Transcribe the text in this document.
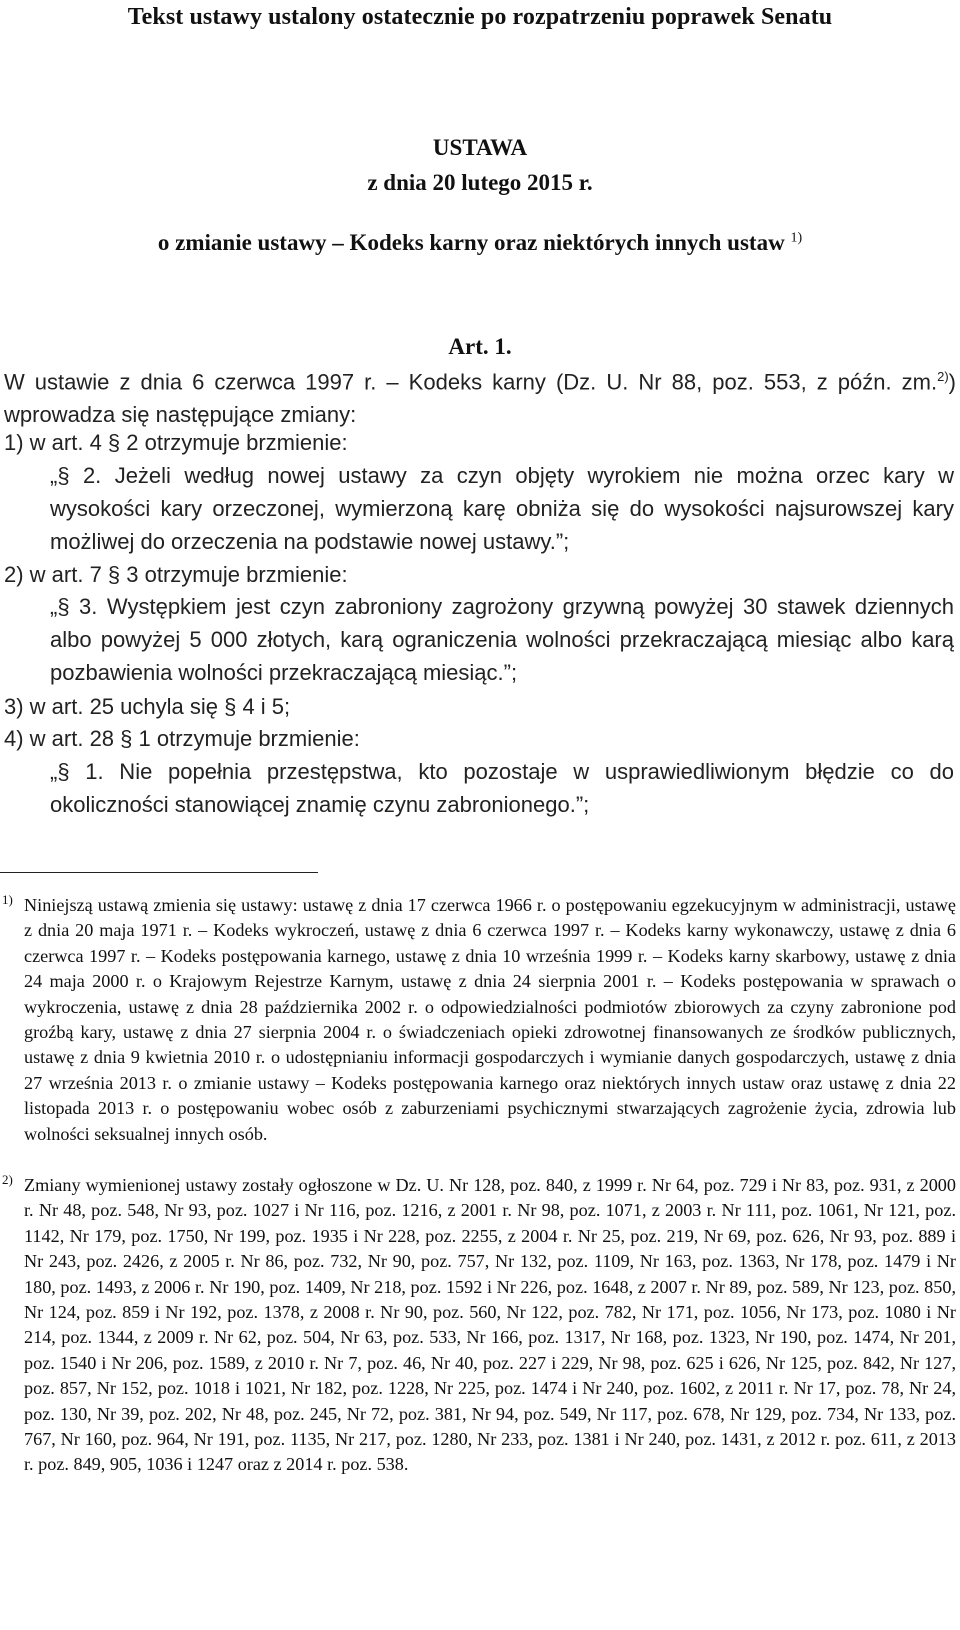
Tekst ustawy ustalony ostatecznie po rozpatrzeniu poprawek Senatu
USTAWA
z dnia 20 lutego 2015 r.
o zmianie ustawy – Kodeks karny oraz niektórych innych ustaw $^{1)}$
Art. 1.
W ustawie z dnia 6 czerwca 1997 r. – Kodeks karny (Dz. U. Nr 88, poz. 553, z późn. zm.$^{2)}$) wprowadza się następujące zmiany:
1) w art. 4 § 2 otrzymuje brzmienie:
„§ 2. Jeżeli według nowej ustawy za czyn objęty wyrokiem nie można orzec kary w wysokości kary orzeczonej, wymierzoną karę obniża się do wysokości najsurowszej kary możliwej do orzeczenia na podstawie nowej ustawy.”;
2) w art. 7 § 3 otrzymuje brzmienie:
„§ 3. Występkiem jest czyn zabroniony zagrożony grzywną powyżej 30 stawek dziennych albo powyżej 5 000 złotych, karą ograniczenia wolności przekraczającą miesiąc albo karą pozbawienia wolności przekraczającą miesiąc.”;
3) w art. 25 uchyla się § 4 i 5;
4) w art. 28 § 1 otrzymuje brzmienie:
„§ 1. Nie popełnia przestępstwa, kto pozostaje w usprawiedliwionym błędzie co do okoliczności stanowiącej znamię czynu zabronionego.”;
1) Niniejszą ustawą zmienia się ustawy: ustawę z dnia 17 czerwca 1966 r. o postępowaniu egzekucyjnym w administracji, ustawę z dnia 20 maja 1971 r. – Kodeks wykroczeń, ustawę z dnia 6 czerwca 1997 r. – Kodeks karny wykonawczy, ustawę z dnia 6 czerwca 1997 r. – Kodeks postępowania karnego, ustawę z dnia 10 września 1999 r. – Kodeks karny skarbowy, ustawę z dnia 24 maja 2000 r. o Krajowym Rejestrze Karnym, ustawę z dnia 24 sierpnia 2001 r. – Kodeks postępowania w sprawach o wykroczenia, ustawę z dnia 28 października 2002 r. o odpowiedzialności podmiotów zbiorowych za czyny zabronione pod groźbą kary, ustawę z dnia 27 sierpnia 2004 r. o świadczeniach opieki zdrowotnej finansowanych ze środków publicznych, ustawę z dnia 9 kwietnia 2010 r. o udostępnianiu informacji gospodarczych i wymianie danych gospodarczych, ustawę z dnia 27 września 2013 r. o zmianie ustawy – Kodeks postępowania karnego oraz niektórych innych ustaw oraz ustawę z dnia 22 listopada 2013 r. o postępowaniu wobec osób z zaburzeniami psychicznymi stwarzających zagrożenie życia, zdrowia lub wolności seksualnej innych osób.
2) Zmiany wymienionej ustawy zostały ogłoszone w Dz. U. Nr 128, poz. 840, z 1999 r. Nr 64, poz. 729 i Nr 83, poz. 931, z 2000 r. Nr 48, poz. 548, Nr 93, poz. 1027 i Nr 116, poz. 1216, z 2001 r. Nr 98, poz. 1071, z 2003 r. Nr 111, poz. 1061, Nr 121, poz. 1142, Nr 179, poz. 1750, Nr 199, poz. 1935 i Nr 228, poz. 2255, z 2004 r. Nr 25, poz. 219, Nr 69, poz. 626, Nr 93, poz. 889 i Nr 243, poz. 2426, z 2005 r. Nr 86, poz. 732, Nr 90, poz. 757, Nr 132, poz. 1109, Nr 163, poz. 1363, Nr 178, poz. 1479 i Nr 180, poz. 1493, z 2006 r. Nr 190, poz. 1409, Nr 218, poz. 1592 i Nr 226, poz. 1648, z 2007 r. Nr 89, poz. 589, Nr 123, poz. 850, Nr 124, poz. 859 i Nr 192, poz. 1378, z 2008 r. Nr 90, poz. 560, Nr 122, poz. 782, Nr 171, poz. 1056, Nr 173, poz. 1080 i Nr 214, poz. 1344, z 2009 r. Nr 62, poz. 504, Nr 63, poz. 533, Nr 166, poz. 1317, Nr 168, poz. 1323, Nr 190, poz. 1474, Nr 201, poz. 1540 i Nr 206, poz. 1589, z 2010 r. Nr 7, poz. 46, Nr 40, poz. 227 i 229, Nr 98, poz. 625 i 626, Nr 125, poz. 842, Nr 127, poz. 857, Nr 152, poz. 1018 i 1021, Nr 182, poz. 1228, Nr 225, poz. 1474 i Nr 240, poz. 1602, z 2011 r. Nr 17, poz. 78, Nr 24, poz. 130, Nr 39, poz. 202, Nr 48, poz. 245, Nr 72, poz. 381, Nr 94, poz. 549, Nr 117, poz. 678, Nr 129, poz. 734, Nr 133, poz. 767, Nr 160, poz. 964, Nr 191, poz. 1135, Nr 217, poz. 1280, Nr 233, poz. 1381 i Nr 240, poz. 1431, z 2012 r. poz. 611, z 2013 r. poz. 849, 905, 1036 i 1247 oraz z 2014 r. poz. 538.
